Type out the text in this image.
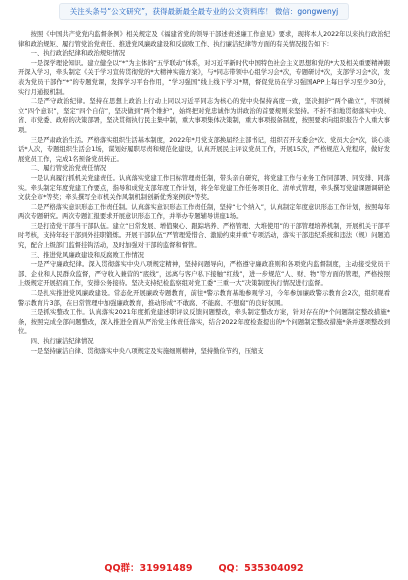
关注头条号“公文研究”，获得最新最全最专业的公文资料库！ 微信：gongwenyj

按照《中国共产党党内监督条例》相关规定及《福建省党的领导干部述责述廉工作意见》要求，现将本人2022年以来执行政治纪律和政治规矩、履行管党治党责任、推进党风廉政建设和反腐败工作、执行廉洁纪律等方面的有关情况报告如下：

一、执行政治纪律和政治规矩情况

一是深学理论知识。建立健全以“*”为主体的“五学联动”体系，对习近平新时代中国特色社会主义思想和党的*大及相关重要精神跟开深入学习，牵头制定《关于学习宣传贯彻党的*大精神实施方案》，与*同志带领中心组学习会*次，专题研讨*次，支部学习会*次，发表为党员干部作“*”的专题党课，发挥学习平台作用，“学习强国”线上线下学习*期，督促党员在学习强国APP上每日学习至少30分，实行月通报机制。

二是严守政治纪律。坚持在思想上政治上行动上同以习近平同志为核心的党中央保持高度一致，坚决拥护“两个确立”，牢固树立“四个意识”，坚定“四个自信”，坚决做到“两个维护”，始终把对党忠诚作为讲政治的首要规则来坚持。不折不扣地贯彻落实中央、省、市党委、政府的决策部署，坚决贯彻执行民主集中制，重大事项集体决策制，重大事项报备制度，按照要求向组织报告个人重大事项。

三是严肃政治生活。严格落实组织生活基本制度，2022年*月党支部换届经主部书记，组织召开支委会*次、党员大会*次，谈心谈话*人次，专题组织生活会1场，谋划好履职尽责和规范化建设，认真开展民主评议党员工作，开展15次，严格规范入党程序，做好发展党员工作，完成1名预备党员转正。

二、履行管党治党责任情况

一是认真履行抓机关党建责任。认真落实党建工作目标管理责任制，带头亲自研究，将党建工作与业务工作同部署、同安排、同落实。牵头制定年度党建工作要点，指导和成党支部年度工作计划，将全年党建工作任务项目化、清单式管理，牵头撰写党建课题调研论文获全市*等奖；牵头撰写全市机关作风制机制创新优秀案例获*等奖。

二是严格落实意识形态工作责任制。认真落实意识形态工作责任制，坚持“七个纳入”，认真制定年度意识形态工作计划，按照每年两次专题研究。两次专题汇报要求开展意识形态工作，并举办专题辅导讲座1场。

三是打造党干部当干部队伍。建立“日常发展、增值聚心、跟踪培养、严格管理、大堆使用”的干部管理培养机制，开展机关干部平时考核，支持年轻干部到外挂职锻炼。开展干部队伍“严管理爱惜合、激励约束并重”专项活动，落实干部违纪系统和违法（规）问题追究，配合上级部门监督挂钩活动，及时加强对干部的监督和督管。

三、推进党风廉政建设和反腐败工作情况

一是严守廉政纪律。深入贯彻落实中央八项规定精神，坚持问题导向，严格遵守廉政准则和各项党内监督制度，主动接受党员干部、企业和人民群众监督，严守收入兼营的“底线”，远离与客户私下接触“红线”，进一步规范“人、财、物”等方面的管理，严格按照上级规定开展招商工作，安排公务接待。坚决支持纪检监察组对党工委“三重一大”决策制度执行情况进行监督。

二是扎实推进党风廉政建设。常态化开展廉政专题教育，前往*警示教育基地参观学习，今年参加廉政警示教育会2次，组织观看警示教育片3部，在日常管理中加强廉政教育，推动形成“不敢腐、不能腐、不想腐”的良好氛围。

三是抓实整改工作。认真落实2021年度抓党建述职评议反馈问题整改，牵头制定整改方案，针对存在的*个问题制定整改措施*条，按照完成全部问题整改，深入推进全面从严治党主体责任落实，结合2022年度检查提出的*个问题制定整改措施*条并逐项整改到位。

四、执行廉洁纪律情况

一是坚持廉洁自律、贯彻落实中央八项规定及实施细则精神，坚持勤俭节约，压缩支

QQ群：31991489	QQ：535304092
